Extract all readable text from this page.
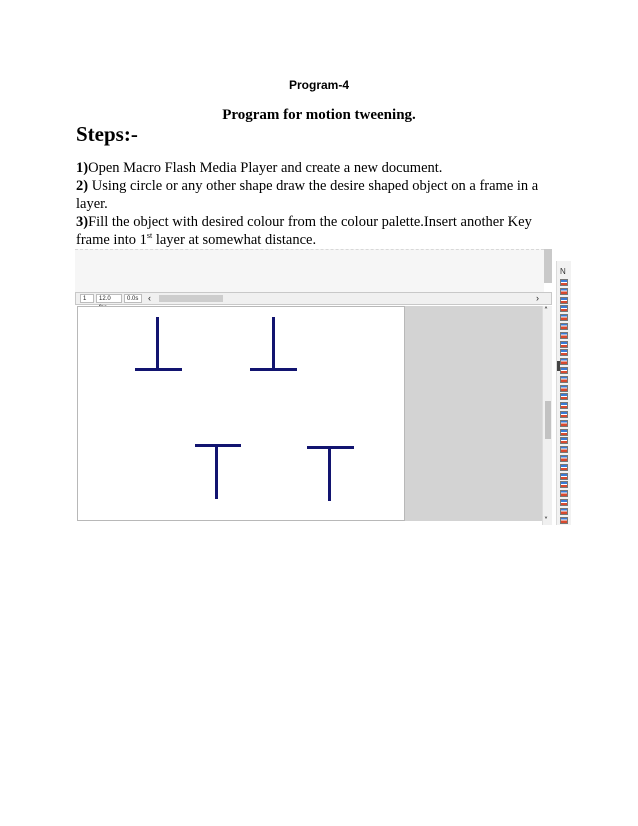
Program-4
Program for motion tweening.
Steps:-

1)Open Macro Flash Media Player and create a new document.

2) Using circle or any other shape draw the desire shaped object on a frame in a layer.

3)Fill the object with desired colour from the colour palette.Insert another Key frame into 1st layer at somewhat distance.

N
1	12.0	0.0s	‹	›
˄
˅
